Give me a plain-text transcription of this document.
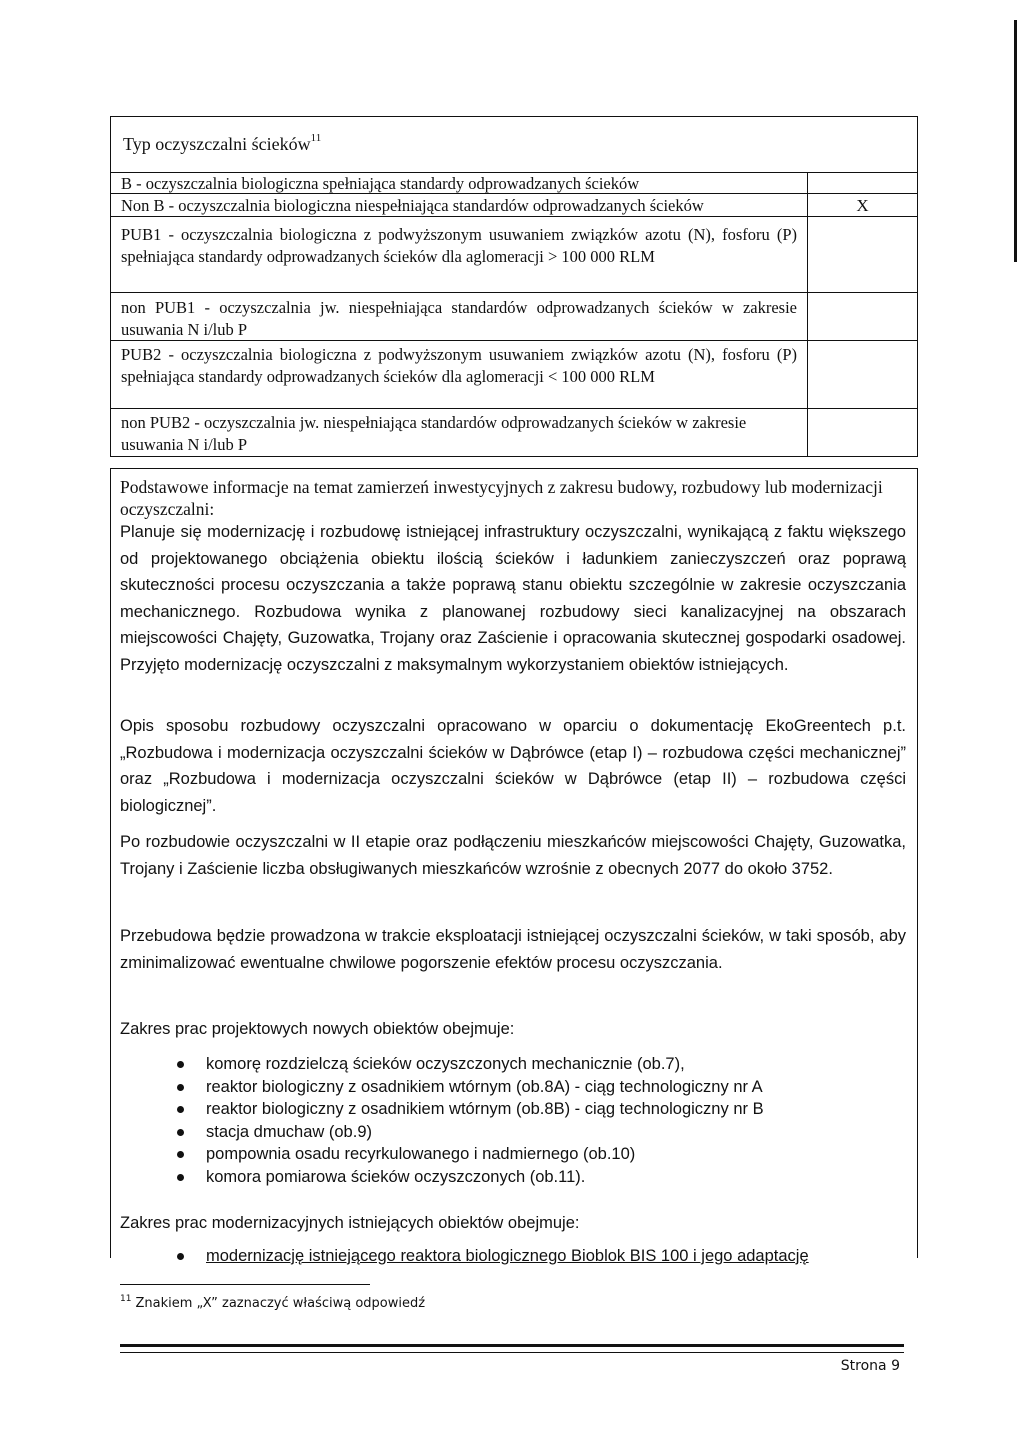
Typ oczyszczalni ścieków$^{11}$
B - oczyszczalnia biologiczna spełniająca standardy odprowadzanych ścieków
Non B - oczyszczalnia biologiczna niespełniająca standardów odprowadzanych ścieków	X
PUB1 - oczyszczalnia biologiczna z podwyższonym usuwaniem związków azotu (N), fosforu (P) spełniająca standardy odprowadzanych ścieków dla aglomeracji > 100 000 RLM
non PUB1 - oczyszczalnia jw. niespełniająca standardów odprowadzanych ścieków w zakresie usuwania N i/lub P
PUB2 - oczyszczalnia biologiczna z podwyższonym usuwaniem związków azotu (N), fosforu (P) spełniająca standardy odprowadzanych ścieków dla aglomeracji < 100 000 RLM
non PUB2 - oczyszczalnia jw. niespełniająca standardów odprowadzanych ścieków w zakresie usuwania N i/lub P
Podstawowe informacje na temat zamierzeń inwestycyjnych z zakresu budowy, rozbudowy lub modernizacji oczyszczalni:
Planuje się modernizację i rozbudowę istniejącej infrastruktury oczyszczalni, wynikającą z faktu większego od projektowanego obciążenia obiektu ilością ścieków i ładunkiem zanieczyszczeń oraz poprawą skuteczności procesu oczyszczania a także poprawą stanu obiektu szczególnie w zakresie oczyszczania mechanicznego. Rozbudowa wynika z planowanej rozbudowy sieci kanalizacyjnej na obszarach miejscowości Chajęty, Guzowatka, Trojany oraz Zaścienie i opracowania skutecznej gospodarki osadowej. Przyjęto modernizację oczyszczalni z maksymalnym wykorzystaniem obiektów istniejących.
Opis sposobu rozbudowy oczyszczalni opracowano w oparciu o dokumentację EkoGreentech p.t. „Rozbudowa i modernizacja oczyszczalni ścieków w Dąbrówce (etap I) – rozbudowa części mechanicznej” oraz „Rozbudowa i modernizacja oczyszczalni ścieków w Dąbrówce (etap II) – rozbudowa części biologicznej”.
Po rozbudowie oczyszczalni w II etapie oraz podłączeniu mieszkańców miejscowości Chajęty, Guzowatka, Trojany i Zaścienie liczba obsługiwanych mieszkańców wzrośnie z obecnych 2077 do około 3752.
Przebudowa będzie prowadzona w trakcie eksploatacji istniejącej oczyszczalni ścieków, w taki sposób, aby zminimalizować ewentualne chwilowe pogorszenie efektów procesu oczyszczania.
Zakres prac projektowych nowych obiektów obejmuje:
komorę rozdzielczą ścieków oczyszczonych mechanicznie (ob.7),
reaktor biologiczny z osadnikiem wtórnym (ob.8A) - ciąg technologiczny nr A
reaktor biologiczny z osadnikiem wtórnym (ob.8B) - ciąg technologiczny nr B
stacja dmuchaw (ob.9)
pompownia osadu recyrkulowanego i nadmiernego (ob.10)
komora pomiarowa ścieków oczyszczonych (ob.11).
Zakres prac modernizacyjnych istniejących obiektów obejmuje:
modernizację istniejącego reaktora biologicznego Bioblok BIS 100 i jego adaptację
$^{11}$ Znakiem „X” zaznaczyć właściwą odpowiedź
Strona 9
